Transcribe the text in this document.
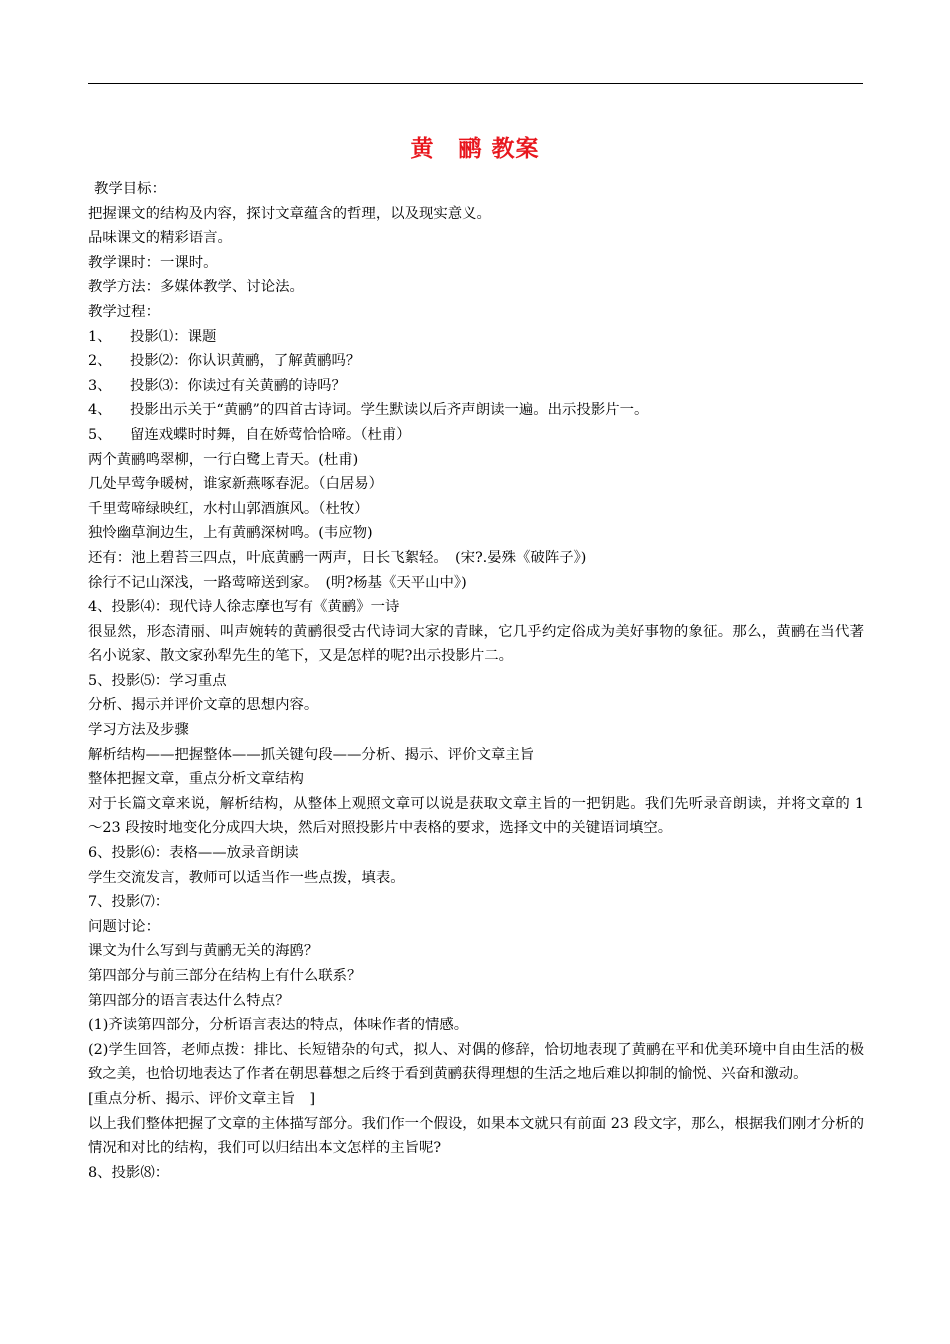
黄　鹂 教案
教学目标：
把握课文的结构及内容，探讨文章蕴含的哲理，以及现实意义。
品味课文的精彩语言。
教学课时：一课时。
教学方法：多媒体教学、讨论法。
教学过程：
1、	投影⑴：课题
2、	投影⑵：你认识黄鹂，了解黄鹂吗？
3、	投影⑶：你读过有关黄鹂的诗吗？
4、	投影出示关于“黄鹂”的四首古诗词。学生默读以后齐声朗读一遍。出示投影片一。
5、	留连戏蝶时时舞，自在娇莺恰恰啼。（杜甫）
两个黄鹂鸣翠柳，一行白鹭上青天。(杜甫)
几处早莺争暖树，谁家新燕啄春泥。（白居易）
千里莺啼绿映红，水村山郭酒旗风。（杜牧）
独怜幽草涧边生，上有黄鹂深树鸣。(韦应物)
还有：池上碧苔三四点，叶底黄鹂一两声，日长飞絮轻。　(宋?.晏殊《破阵子》)
徐行不记山深浅，一路莺啼送到家。　(明?杨基《天平山中》)
4、投影⑷：现代诗人徐志摩也写有《黄鹂》一诗
很显然，形态清丽、叫声婉转的黄鹂很受古代诗词大家的青睐，它几乎约定俗成为美好事物的象征。那么，黄鹂在当代著名小说家、散文家孙犁先生的笔下，又是怎样的呢?出示投影片二。
5、投影⑸：学习重点
分析、揭示并评价文章的思想内容。
学习方法及步骤
解析结构——把握整体——抓关键句段——分析、揭示、评价文章主旨
整体把握文章，重点分析文章结构
对于长篇文章来说，解析结构，从整体上观照文章可以说是获取文章主旨的一把钥匙。我们先听录音朗读，并将文章的 1～23 段按时地变化分成四大块，然后对照投影片中表格的要求，选择文中的关键语词填空。
6、投影⑹：表格——放录音朗读
学生交流发言，教师可以适当作一些点拨，填表。
7、投影⑺：
问题讨论：
课文为什么写到与黄鹂无关的海鸥？
第四部分与前三部分在结构上有什么联系？
第四部分的语言表达什么特点？
(1)齐读第四部分，分析语言表达的特点，体味作者的情感。
(2)学生回答，老师点拨：排比、长短错杂的句式，拟人、对偶的修辞，恰切地表现了黄鹂在平和优美环境中自由生活的极致之美，也恰切地表达了作者在朝思暮想之后终于看到黄鹂获得理想的生活之地后难以抑制的愉悦、兴奋和激动。
[重点分析、揭示、评价文章主旨　]
以上我们整体把握了文章的主体描写部分。我们作一个假设，如果本文就只有前面 23 段文字，那么，根据我们刚才分析的情况和对比的结构，我们可以归结出本文怎样的主旨呢?
8、投影⑻：
